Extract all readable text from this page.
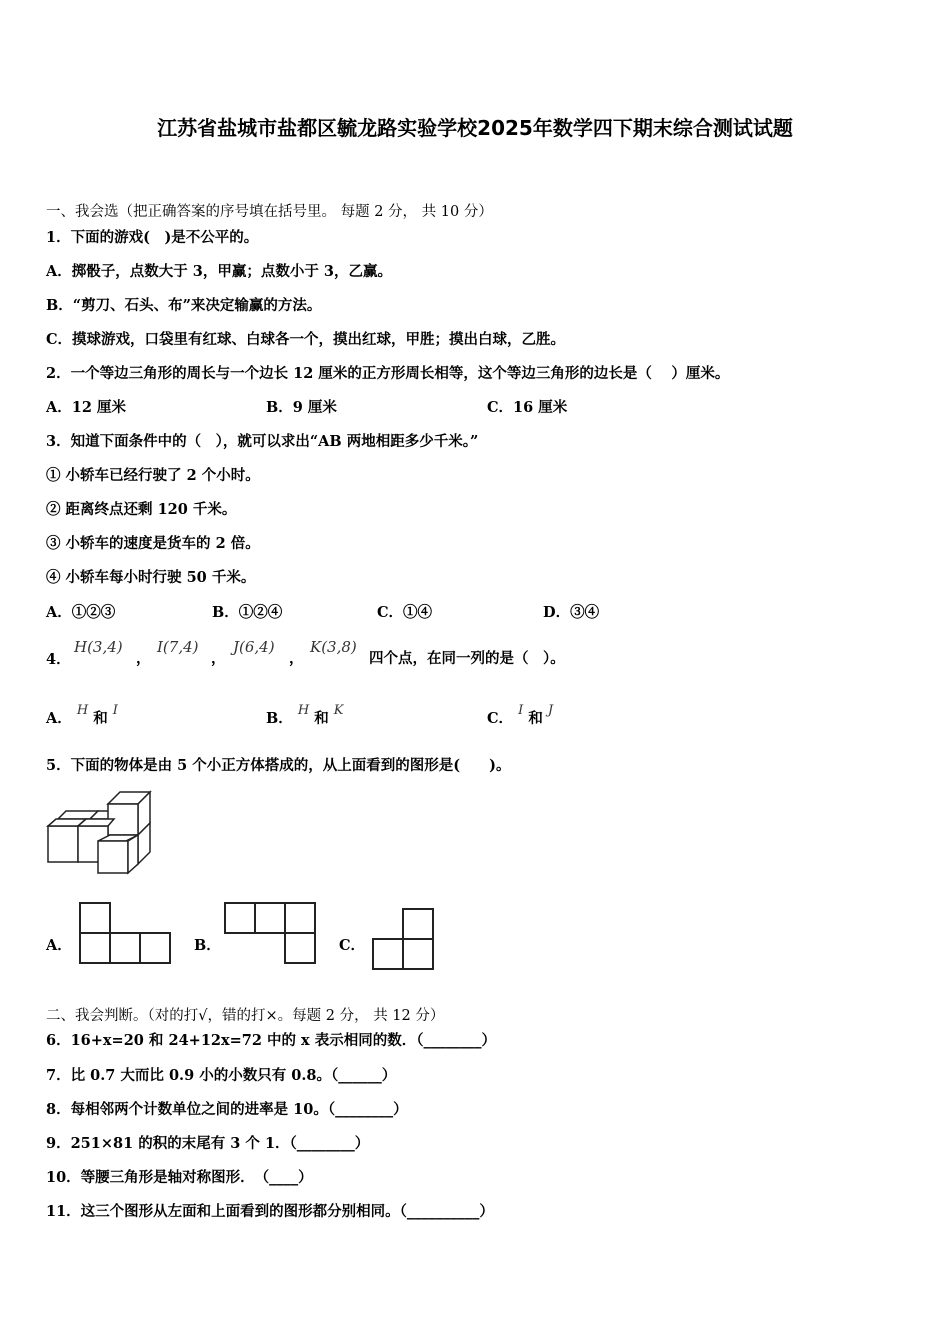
江苏省盐城市盐都区毓龙路实验学校2025年数学四下期末综合测试试题
一、我会选（把正确答案的序号填在括号里。 每题 2 分， 共 10 分）
1．下面的游戏(　)是不公平的。
A．掷骰子，点数大于 3，甲赢；点数小于 3，乙赢。
B．“剪刀、石头、布”来决定输赢的方法。
C．摸球游戏，口袋里有红球、白球各一个，摸出红球，甲胜；摸出白球，乙胜。
2．一个等边三角形的周长与一个边长 12 厘米的正方形周长相等，这个等边三角形的边长是（　 ）厘米。
A．12 厘米	B．9 厘米	C．16 厘米
3．知道下面条件中的（　），就可以求出“AB 两地相距多少千米。”
① 小轿车已经行驶了 2 个小时。
② 距离终点还剩 120 千米。
③ 小轿车的速度是货车的 2 倍。
④ 小轿车每小时行驶 50 千米。
A．①②③	B．①②④	C．①④	D．③④
4．
H(3,4)
，
I(7,4)
，
J(6,4)
，
K(3,8)
四个点，在同一列的是（　）。
A． H 和 I	B． H 和 K	C． I 和 J
5．下面的物体是由 5 个小正方体搭成的，从上面看到的图形是(　　)。
A．	B．	C．
二、我会判断。（对的打√，错的打×。每题 2 分， 共 12 分）
6．16+x=20 和 24+12x=72 中的 x 表示相同的数．（________）
7．比 0.7 大而比 0.9 小的小数只有 0.8。（______）
8．每相邻两个计数单位之间的进率是 10。（________）
9．251×81 的积的末尾有 3 个 1．（________）
10．等腰三角形是轴对称图形．　（____）
11．这三个图形从左面和上面看到的图形都分别相同。（__________）
